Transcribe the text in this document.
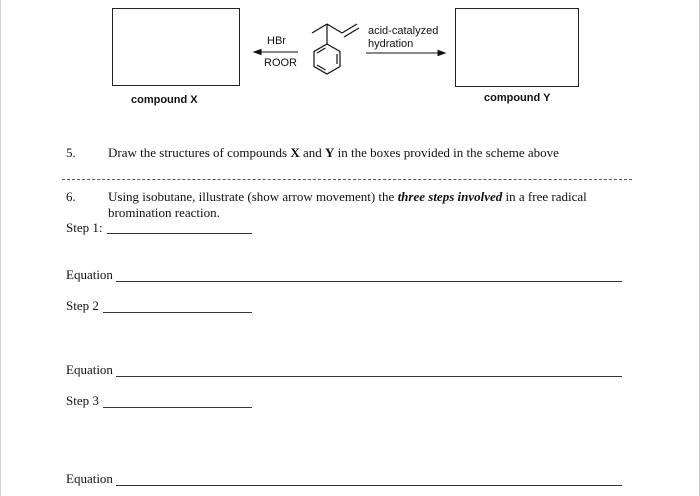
compound X	compound Y
HBr
ROOR
acid-catalyzed
hydration
5. Draw the structures of compounds X and Y in the boxes provided in the scheme above
6. Using isobutane, illustrate (show arrow movement) the three steps involved in a free radical
bromination reaction.
Step 1:
Equation
Step 2
Equation
Step 3
Equation
